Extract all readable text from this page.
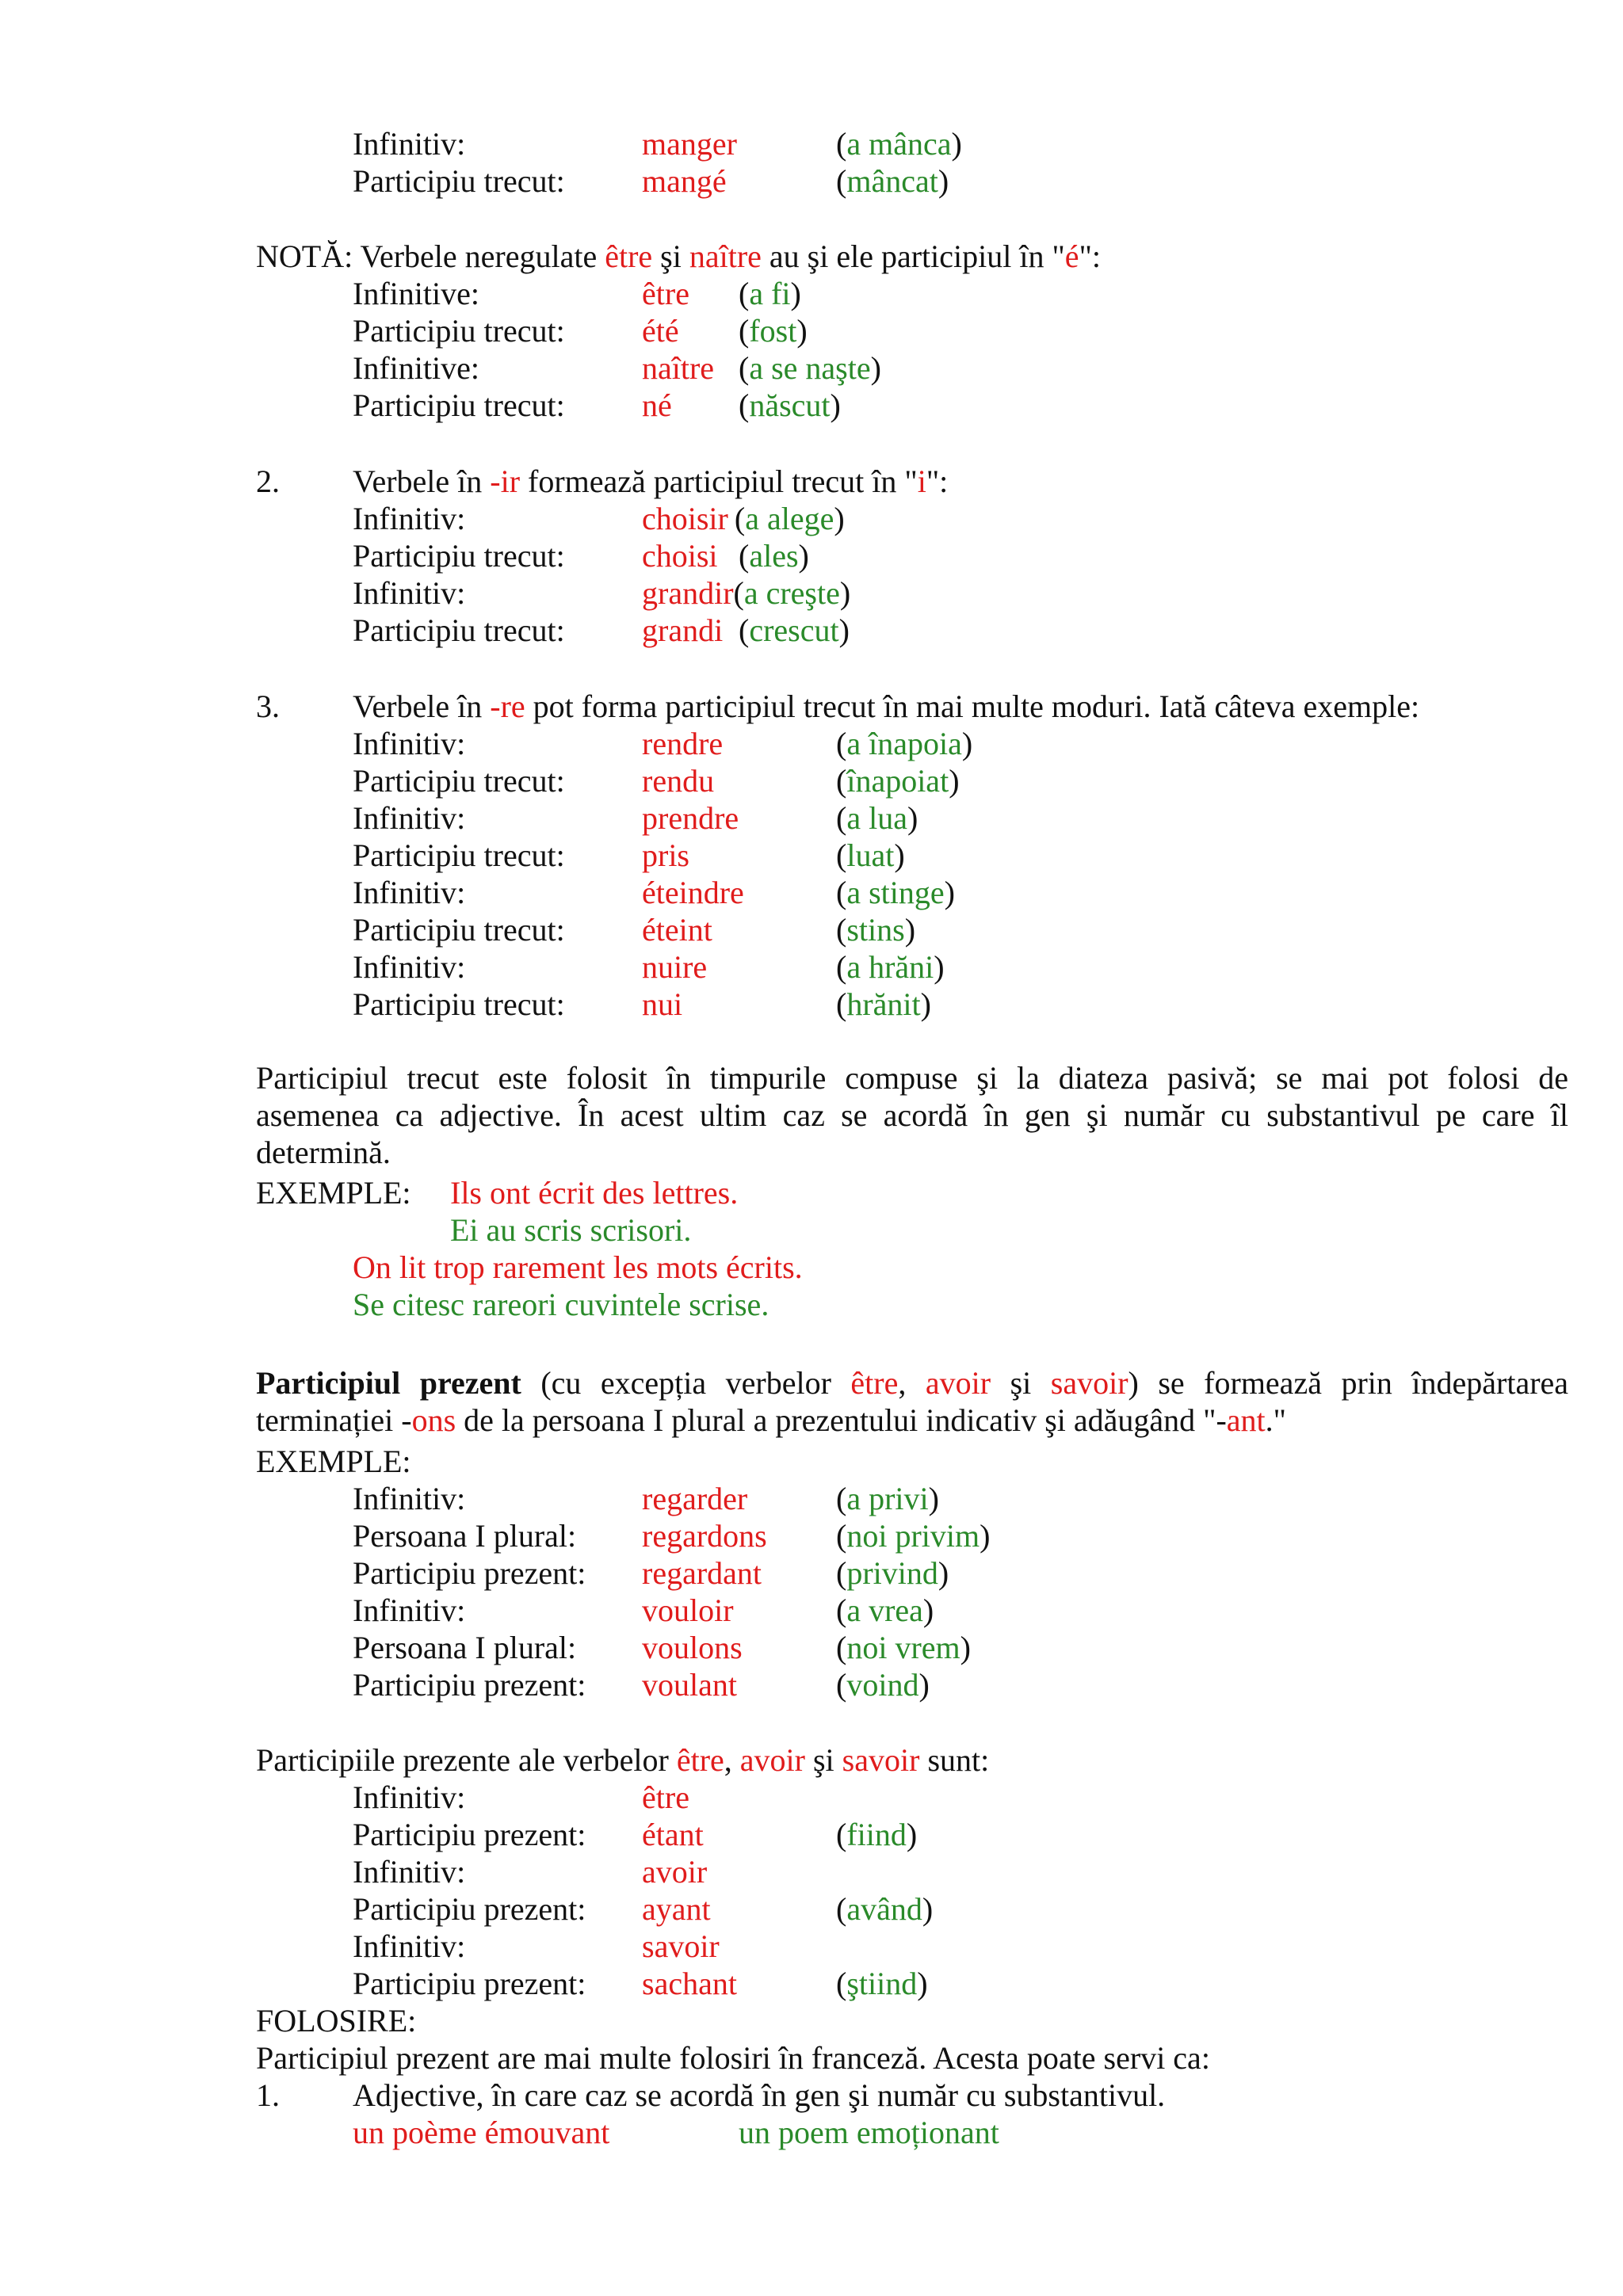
Infinitiv:	manger	(a mânca)
Participiu trecut: mangé	(mâncat)
NOTĂ: Verbele neregulate être şi naître au şi ele participiul în "é":
Infinitive:	être (a fi)
Participiu trecut: été (fost)
Infinitive:	naître (a se naşte)
Participiu trecut: né (născut)
2. Verbele în -ir formează participiul trecut în "i":
Infinitiv:	choisir (a alege)
Participiu trecut: choisi (ales)
Infinitiv:	grandir(a creşte)
Participiu trecut: grandi (crescut)
3. Verbele în -re pot forma participiul trecut în mai multe moduri. Iată câteva exemple:
Infinitiv:	rendre	(a înapoia)
Participiu trecut: rendu	(înapoiat)
Infinitiv:	prendre	(a lua)
Participiu trecut: pris	(luat)
Infinitiv:	éteindre	(a stinge)
Participiu trecut: éteint	(stins)
Infinitiv:	nuire	(a hrăni)
Participiu trecut: nui	(hrănit)
Participiul trecut este folosit în timpurile compuse şi la diateza pasivă; se mai pot folosi de
asemenea ca adjective. În acest ultim caz se acordă în gen şi număr cu substantivul pe care îl
determină.
EXEMPLE: Ils ont écrit des lettres.
Ei au scris scrisori.
On lit trop rarement les mots écrits.
Se citesc rareori cuvintele scrise.
Participiul prezent (cu excepția verbelor être, avoir şi savoir) se formează prin îndepărtarea
terminației -ons de la persoana I plural a prezentului indicativ şi adăugând "-ant."
EXEMPLE:
Infinitiv:	regarder	(a privi)
Persoana I plural: regardons (noi privim)
Participiu prezent: regardant (privind)
Infinitiv:	vouloir	(a vrea)
Persoana I plural: voulons	(noi vrem)
Participiu prezent: voulant	(voind)
Participiile prezente ale verbelor être, avoir şi savoir sunt:
Infinitiv:	être
Participiu prezent: étant	(fiind)
Infinitiv:	avoir
Participiu prezent: ayant	(având)
Infinitiv:	savoir
Participiu prezent: sachant	(ştiind)
FOLOSIRE:
Participiul prezent are mai multe folosiri în franceză. Acesta poate servi ca:
1. Adjective, în care caz se acordă în gen şi număr cu substantivul.
un poème émouvant	un poem emoționant
